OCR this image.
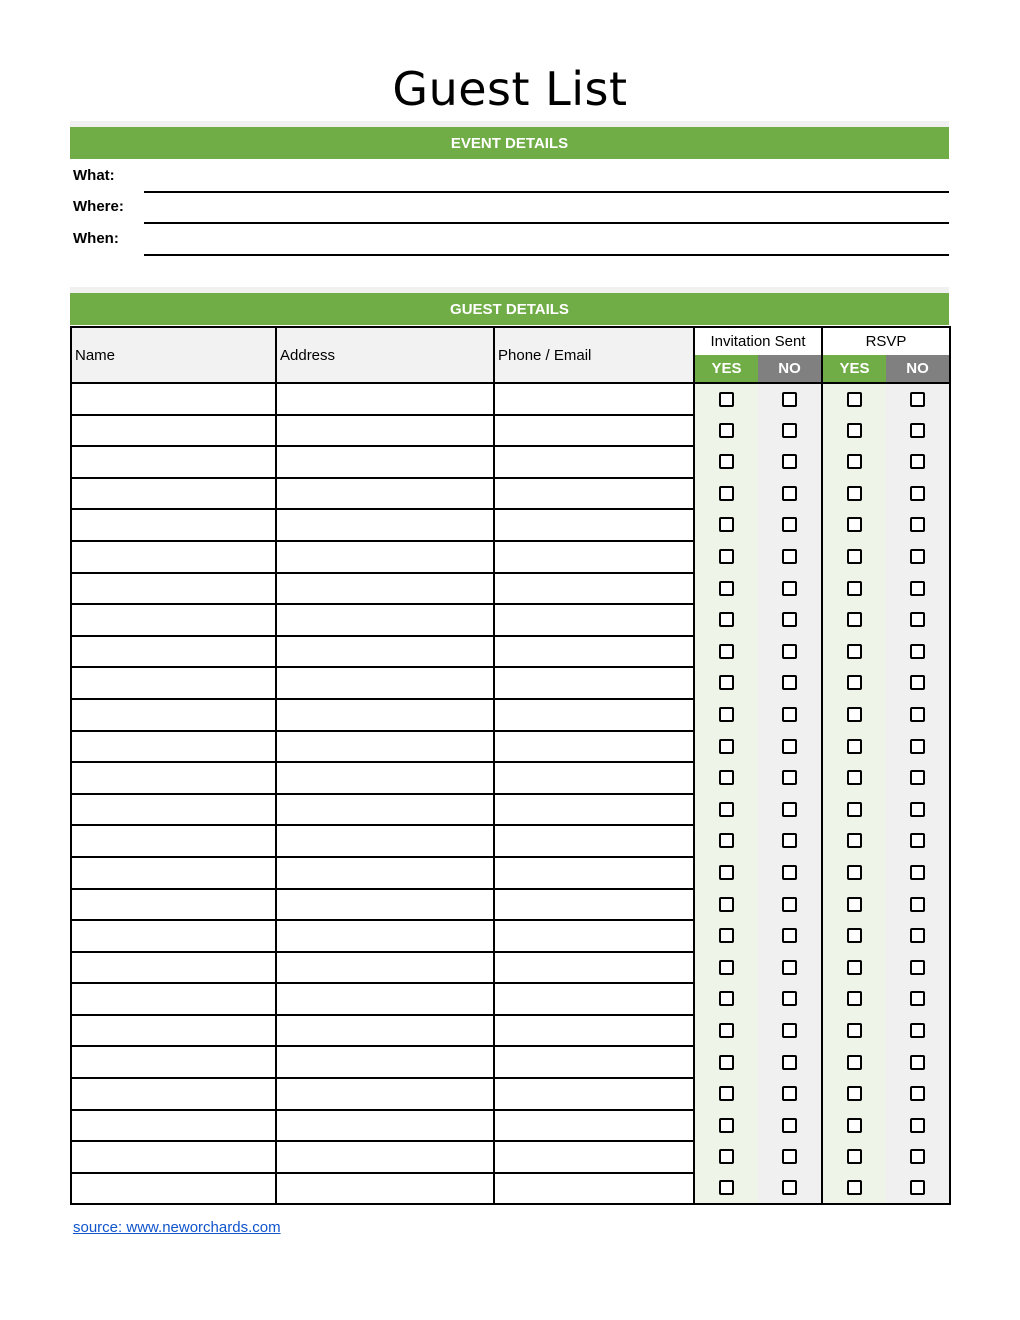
Guest List
EVENT DETAILS
What:
Where:
When:
GUEST DETAILS
Name	Address	Phone / Email	Invitation Sent		RSVP	
			YES	NO	YES	NO

source: www.neworchards.com
